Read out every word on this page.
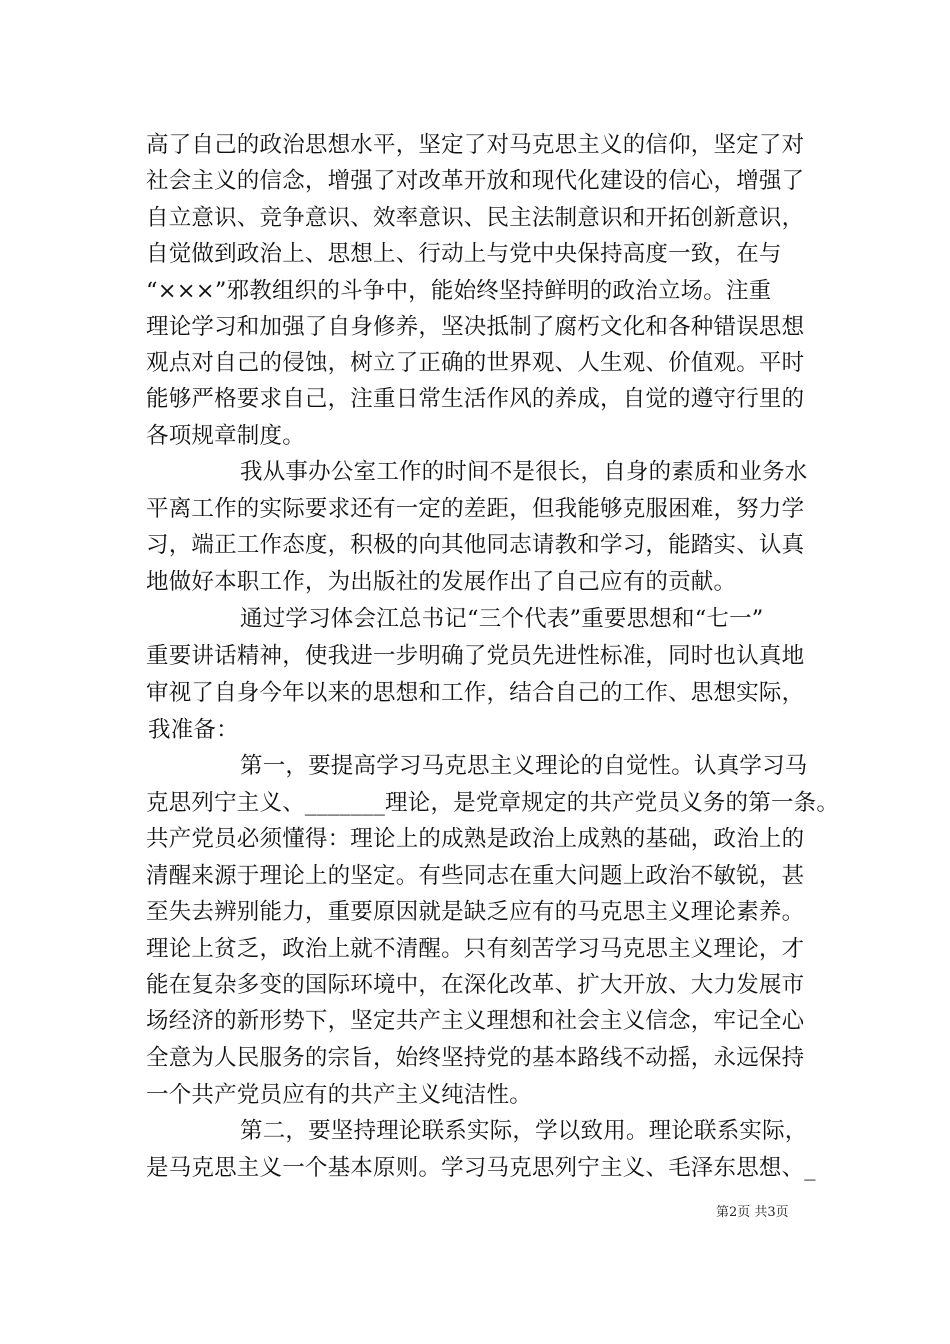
高了自己的政治思想水平，坚定了对马克思主义的信仰，坚定了对
社会主义的信念，增强了对改革开放和现代化建设的信心，增强了
自立意识、竞争意识、效率意识、民主法制意识和开拓创新意识，
自觉做到政治上、思想上、行动上与党中央保持高度一致，在与
“×××”邪教组织的斗争中，能始终坚持鲜明的政治立场。注重
理论学习和加强了自身修养，坚决抵制了腐朽文化和各种错误思想
观点对自己的侵蚀，树立了正确的世界观、人生观、价值观。平时
能够严格要求自己，注重日常生活作风的养成，自觉的遵守行里的
各项规章制度。
我从事办公室工作的时间不是很长，自身的素质和业务水
平离工作的实际要求还有一定的差距，但我能够克服困难，努力学
习，端正工作态度，积极的向其他同志请教和学习，能踏实、认真
地做好本职工作，为出版社的发展作出了自己应有的贡献。
通过学习体会江总书记“三个代表”重要思想和“七一”
重要讲话精神，使我进一步明确了党员先进性标准，同时也认真地
审视了自身今年以来的思想和工作，结合自己的工作、思想实际，
我准备：
第一，要提高学习马克思主义理论的自觉性。认真学习马
克思列宁主义、_______理论，是党章规定的共产党员义务的第一条。
共产党员必须懂得：理论上的成熟是政治上成熟的基础，政治上的
清醒来源于理论上的坚定。有些同志在重大问题上政治不敏锐，甚
至失去辨别能力，重要原因就是缺乏应有的马克思主义理论素养。
理论上贫乏，政治上就不清醒。只有刻苦学习马克思主义理论，才
能在复杂多变的国际环境中，在深化改革、扩大开放、大力发展市
场经济的新形势下，坚定共产主义理想和社会主义信念，牢记全心
全意为人民服务的宗旨，始终坚持党的基本路线不动摇，永远保持
一个共产党员应有的共产主义纯洁性。
第二，要坚持理论联系实际，学以致用。理论联系实际，
是马克思主义一个基本原则。学习马克思列宁主义、毛泽东思想、_
第2页 共3页
